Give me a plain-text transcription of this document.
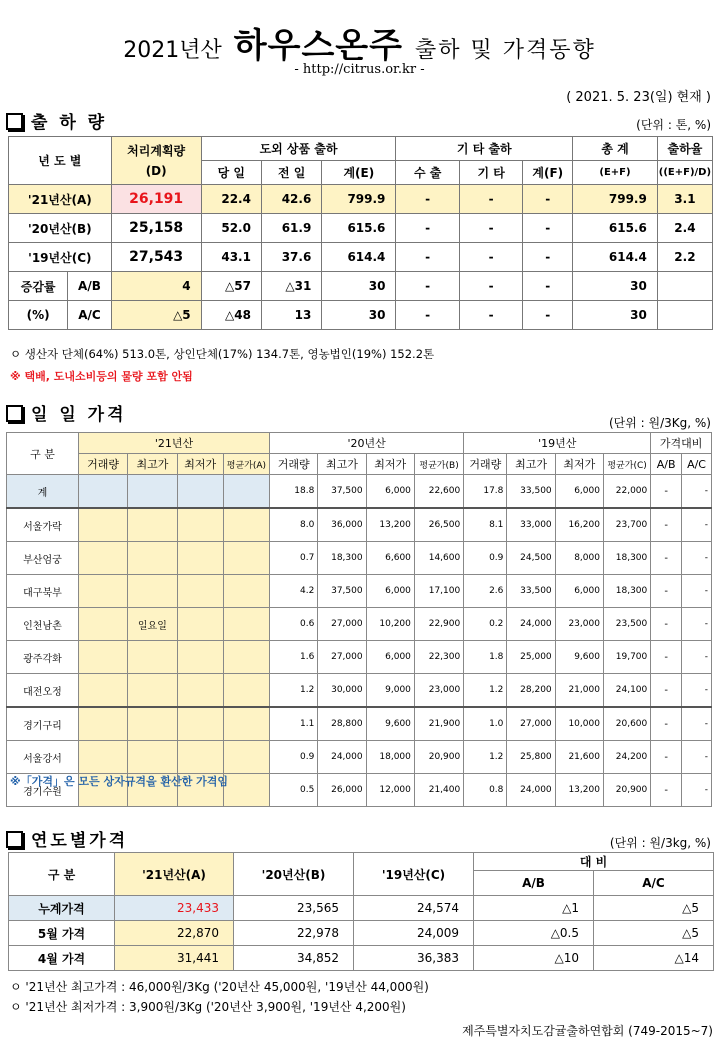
2021년산 하우스온주 출하 및 가격동향
- http://citrus.or.kr -
( 2021. 5. 23(일) 현재 )
출 하 량	(단위 : 톤, %)
년 도 별		처리계획량
(D)	도외 상품 출하			기 타 출하			총 계	출하율
			당 일	전 일	계(E)	수 출	기 타	계(F)	(E+F)	((E+F)/D)
'21년산(A)		26,191	22.4	42.6	799.9	-	-	-	799.9	3.1
'20년산(B)		25,158	52.0	61.9	615.6	-	-	-	615.6	2.4
'19년산(C)		27,543	43.1	37.6	614.4	-	-	-	614.4	2.2
증감률	A/B	4	△57	△31	30	-	-	-	30	
(%)	A/C	△5	△48	13	30	-	-	-	30	
ㅇ 생산자 단체(64%) 513.0톤, 상인단체(17%) 134.7톤, 영농법인(19%) 152.2톤
※ 택배, 도내소비등의 물량 포함 안됨
일 일 가격	(단위 : 원/3Kg, %)
구 분	'21년산				'20년산				'19년산				가격대비	
	거래량	최고가	최저가	평균가(A)	거래량	최고가	최저가	평균가(B)	거래량	최고가	최저가	평균가(C)	A/B	A/C
계					18.8	37,500	6,000	22,600	17.8	33,500	6,000	22,000	-	-
서울가락					8.0	36,000	13,200	26,500	8.1	33,000	16,200	23,700	-	-
부산엄궁					0.7	18,300	6,600	14,600	0.9	24,500	8,000	18,300	-	-
대구북부					4.2	37,500	6,000	17,100	2.6	33,500	6,000	18,300	-	-
인천남촌		일요일			0.6	27,000	10,200	22,900	0.2	24,000	23,000	23,500	-	-
광주각화					1.6	27,000	6,000	22,300	1.8	25,000	9,600	19,700	-	-
대전오정					1.2	30,000	9,000	23,000	1.2	28,200	21,000	24,100	-	-
경기구리					1.1	28,800	9,600	21,900	1.0	27,000	10,000	20,600	-	-
서울강서					0.9	24,000	18,000	20,900	1.2	25,800	21,600	24,200	-	-
경기수원					0.5	26,000	12,000	21,400	0.8	24,000	13,200	20,900	-	-
※「가격」은 모든 상자규격을 환산한 가격임
연도별가격	(단위 : 원/3kg, %)
구 분	'21년산(A)	'20년산(B)	'19년산(C)	대 비	
				A/B	A/C
누계가격	23,433	23,565	24,574	△1	△5
5월 가격	22,870	22,978	24,009	△0.5	△5
4월 가격	31,441	34,852	36,383	△10	△14
ㅇ '21년산 최고가격 : 46,000원/3Kg ('20년산 45,000원, '19년산 44,000원)
ㅇ '21년산 최저가격 : 3,900원/3Kg ('20년산 3,900원, '19년산 4,200원)
제주특별자치도감귤출하연합회 (749-2015~7)
